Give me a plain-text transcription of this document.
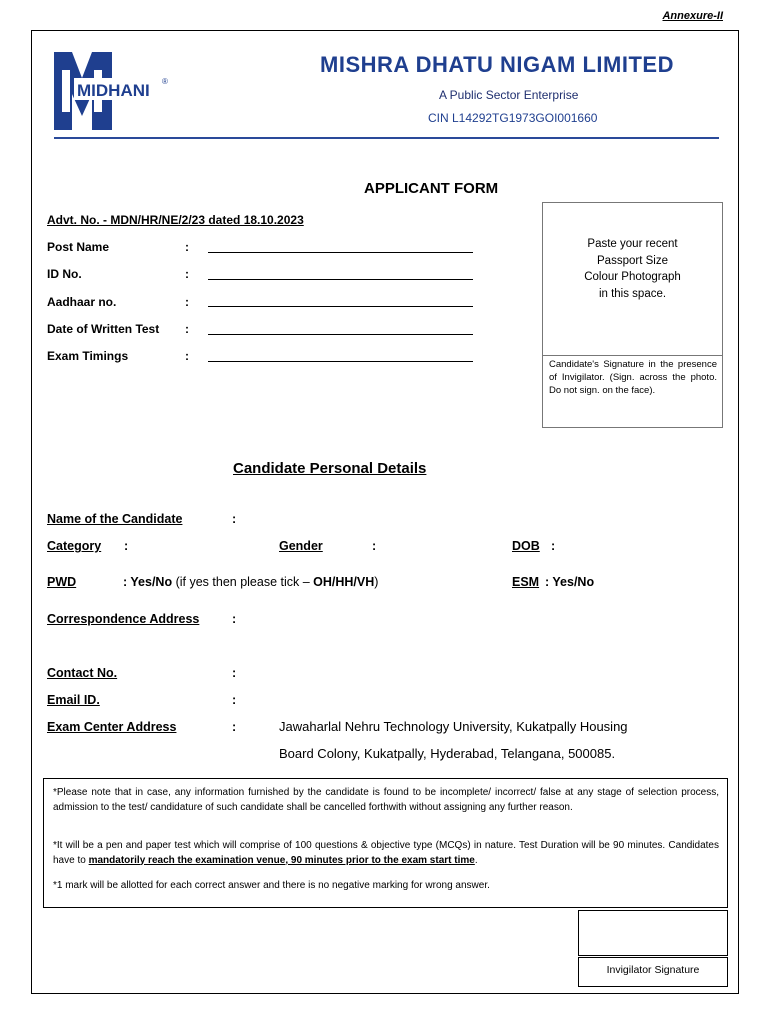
Annexure-II
MIDHANI ®
MISHRA DHATU NIGAM LIMITED
A Public Sector Enterprise
CIN L14292TG1973GOI001660
APPLICANT FORM
Advt. No. - MDN/HR/NE/2/23 dated 18.10.2023
Post Name	:
ID No.	:
Aadhaar no.	:
Date of Written Test :
Exam Timings	:
Paste your recent
Passport Size
Colour Photograph
in this space.
Candidate's Signature in the presence of Invigilator. (Sign. across the photo. Do not sign. on the face).
Candidate Personal Details
Name of the Candidate	:
Category :	Gender	:	DOB :
PWD	: Yes/No (if yes then please tick – OH/HH/VH)	ESM : Yes/No
Correspondence Address	:
Contact No.	:
Email ID.	:
Exam Center Address	:	Jawaharlal Nehru Technology University, Kukatpally Housing
Board Colony, Kukatpally, Hyderabad, Telangana, 500085.
*Please note that in case, any information furnished by the candidate is found to be incomplete/ incorrect/ false at any stage of selection process, admission to the test/ candidature of such candidate shall be cancelled forthwith without assigning any further reason.
*It will be a pen and paper test which will comprise of 100 questions & objective type (MCQs) in nature. Test Duration will be 90 minutes. Candidates have to mandatorily reach the examination venue, 90 minutes prior to the exam start time.
*1 mark will be allotted for each correct answer and there is no negative marking for wrong answer.
Invigilator Signature
